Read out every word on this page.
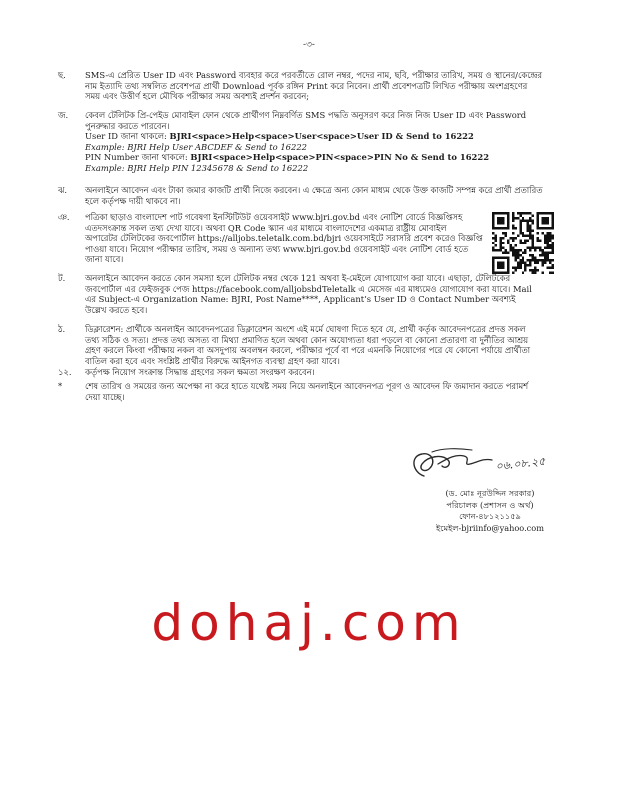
-৩-
ছ.	SMS-এ প্রেরিত User ID এবং Password ব্যবহার করে পরবর্তীতে রোল নম্বর, পদের নাম, ছবি, পরীক্ষার তারিখ, সময় ও স্থানের/কেন্দ্রের
নাম ইত্যাদি তথ্য সম্বলিত প্রবেশপত্র প্রার্থী Download পূর্বক রঙ্গিন Print করে নিবেন। প্রার্থী প্রবেশপত্রটি লিখিত পরীক্ষায় অংশগ্রহণের
সময় এবং উত্তীর্ণ হলে মৌখিক পরীক্ষার সময় অবশ্যই প্রদর্শন করবেন;
জ.	কেবল টেলিটক প্রি-পেইড মোবাইল ফোন থেকে প্রার্থীগণ নিম্নবর্ণিত SMS পদ্ধতি অনুসরণ করে নিজ নিজ User ID এবং Password
পুনরুদ্ধার করতে পারবেন।
User ID জানা থাকলে: BJRI<space>Help<space>User<space>User ID & Send to 16222
Example: BJRI Help User ABCDEF & Send to 16222
PIN Number জানা থাকলে: BJRI<space>Help<space>PIN<space>PIN No & Send to 16222
Example: BJRI Help PIN 12345678 & Send to 16222
ঝ.	অনলাইনে আবেদন এবং টাকা জমার কাজটি প্রার্থী নিজে করবেন। এ ক্ষেত্রে অন্য কোন মাধ্যম থেকে উক্ত কাজটি সম্পন্ন করে প্রার্থী প্রতারিত
হলে কর্তৃপক্ষ দায়ী থাকবে না।
ঞ.	পত্রিকা ছাড়াও বাংলাদেশ পাট গবেষণা ইনস্টিটিউট ওয়েবসাইট www.bjri.gov.bd এবং নোটিশ বোর্ডে বিজ্ঞপ্তিসহ
এতদসংক্রান্ত সকল তথ্য দেখা যাবে। অথবা QR Code স্ক্যান এর মাধ্যমে বাংলাদেশের একমাত্র রাষ্ট্রীয় মোবাইল
অপারেটর টেলিটকের জবপোর্টাল https://alljobs.teletalk.com.bd/bjri ওয়েবসাইটে সরাসরি প্রবেশ করেও বিজ্ঞপ্তি
পাওয়া যাবে। নিয়োগ পরীক্ষার তারিখ, সময় ও অন্যান্য তথ্য www.bjri.gov.bd ওয়েবসাইট এবং নোটিশ বোর্ড হতে
জানা যাবে।
ট.	অনলাইনে আবেদন করতে কোন সমস্যা হলে টেলিটক নম্বর থেকে 121 অথবা ই-মেইলে যোগাযোগ করা যাবে। এছাড়া, টেলিটকের
জবপোর্টাল এর ফেইজবুক পেজ https://facebook.com/alljobsbdTeletalk এ মেসেজ এর মাধ্যমেও যোগাযোগ করা যাবে। Mail
এর Subject-এ Organization Name: BJRI, Post Name****, Applicant’s User ID ও Contact Number অবশ্যই
উল্লেখ করতে হবে।
ঠ.	ডিক্লারেশন: প্রার্থীকে অনলাইন আবেদনপত্রের ডিক্লারেশন অংশে এই মর্মে ঘোষণা দিতে হবে যে, প্রার্থী কর্তৃক আবেদনপত্রের প্রদত্ত সকল
তথ্য সঠিক ও সত্য। প্রদত্ত তথ্য অসত্য বা মিথ্যা প্রমাণিত হলে অথবা কোন অযোগ্যতা ধরা পড়লে বা কোনো প্রতারণা বা দুর্নীতির আশ্রয়
গ্রহণ করলে কিংবা পরীক্ষায় নকল বা অসদুপায় অবলম্বন করলে, পরীক্ষার পূর্বে বা পরে এমনকি নিয়োগের পরে যে কোনো পর্যায়ে প্রার্থীতা
বাতিল করা হবে এবং সংশ্লিষ্ট প্রার্থীর বিরুদ্ধে আইনগত ব্যবস্থা গ্রহণ করা যাবে।
১২.	কর্তৃপক্ষ নিয়োগ সংক্রান্ত সিদ্ধান্ত গ্রহণের সকল ক্ষমতা সংরক্ষণ করবেন।
*	শেষ তারিখ ও সময়ের জন্য অপেক্ষা না করে হাতে যথেষ্ট সময় নিয়ে অনলাইনে আবেদনপত্র পূরণ ও আবেদন ফি জমাদান করতে পরামর্শ
দেয়া যাচ্ছে।
০৬.০৮.২৫
(ড. মোঃ নূরউদ্দিন সরকার)
পরিচালক (প্রশাসন ও অর্থ)
ফোন-৪৮১২১১৫৯
ইমেইল-bjriinfo@yahoo.com
dohaj.com
